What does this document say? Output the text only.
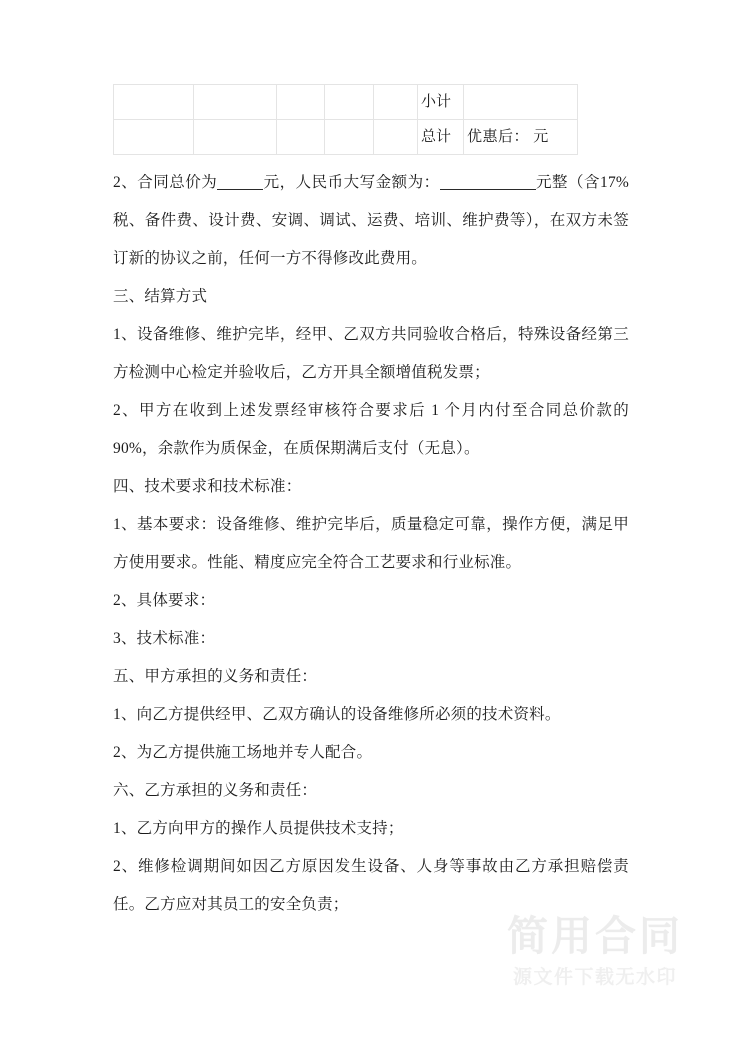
					小计	
					总计	优惠后： 元

2、合同总价为	元，人民币大写金额为：	元整（含17%税、备件费、设计费、安调、调试、运费、培训、维护费等），在双方未签订新的协议之前，任何一方不得修改此费用。

三、结算方式

1、设备维修、维护完毕，经甲、乙双方共同验收合格后，特殊设备经第三方检测中心检定并验收后，乙方开具全额增值税发票；

2、甲方在收到上述发票经审核符合要求后 1 个月内付至合同总价款的 90%，余款作为质保金，在质保期满后支付（无息）。

四、技术要求和技术标准：

1、基本要求：设备维修、维护完毕后，质量稳定可靠，操作方便，满足甲方使用要求。性能、精度应完全符合工艺要求和行业标准。

2、具体要求：

3、技术标准：

五、甲方承担的义务和责任：

1、向乙方提供经甲、乙双方确认的设备维修所必须的技术资料。

2、为乙方提供施工场地并专人配合。

六、乙方承担的义务和责任：

1、乙方向甲方的操作人员提供技术支持；

2、维修检调期间如因乙方原因发生设备、人身等事故由乙方承担赔偿责任。乙方应对其员工的安全负责；

简用合同
源文件下载无水印
